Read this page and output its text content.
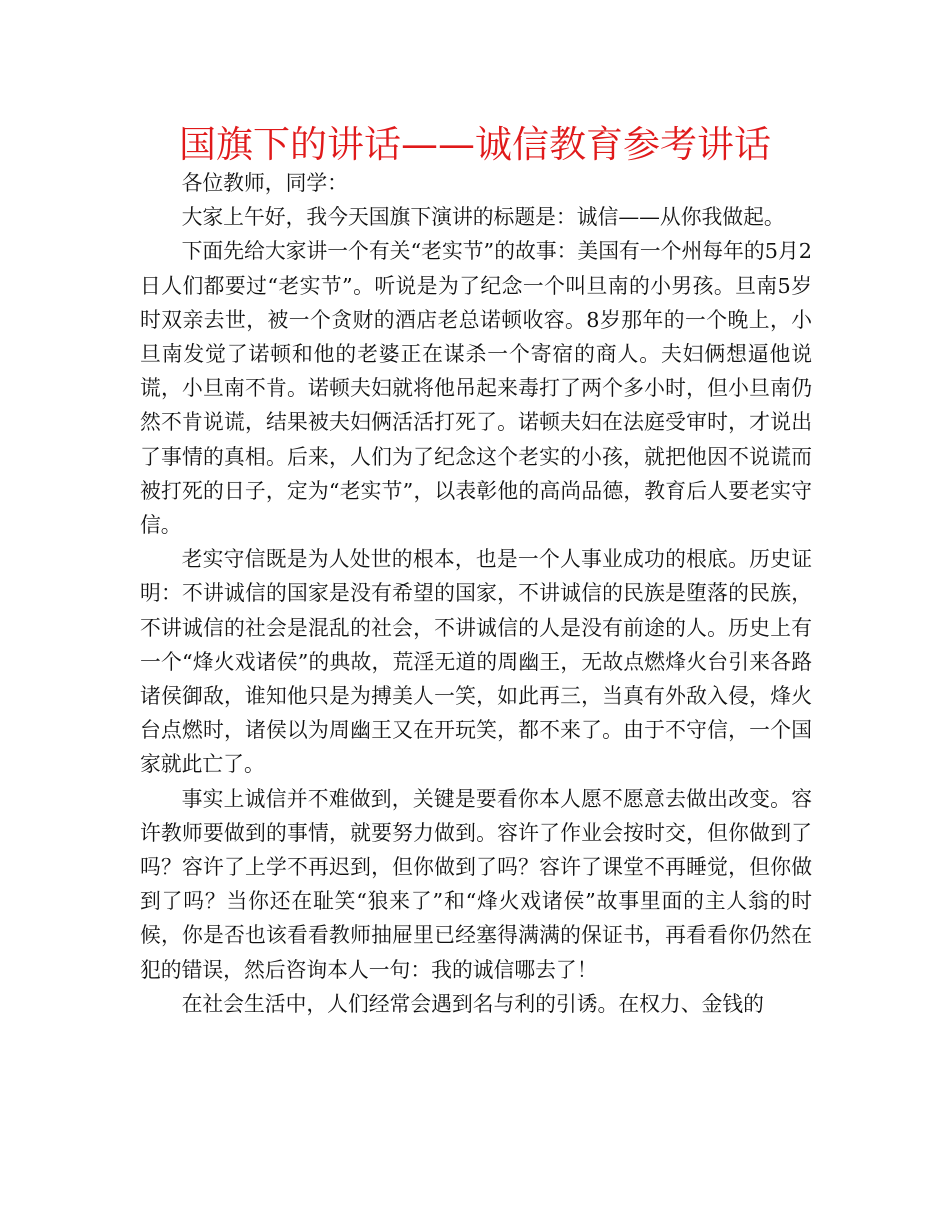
国旗下的讲话——诚信教育参考讲话

各位教师，同学：

大家上午好，我今天国旗下演讲的标题是：诚信——从你我做起。

下面先给大家讲一个有关“老实节”的故事：美国有一个州每年的5月2日人们都要过“老实节”。听说是为了纪念一个叫旦南的小男孩。旦南5岁时双亲去世，被一个贪财的酒店老总诺顿收容。8岁那年的一个晚上，小旦南发觉了诺顿和他的老婆正在谋杀一个寄宿的商人。夫妇俩想逼他说谎，小旦南不肯。诺顿夫妇就将他吊起来毒打了两个多小时，但小旦南仍然不肯说谎，结果被夫妇俩活活打死了。诺顿夫妇在法庭受审时，才说出了事情的真相。后来，人们为了纪念这个老实的小孩，就把他因不说谎而被打死的日子，定为“老实节”，以表彰他的高尚品德，教育后人要老实守信。

老实守信既是为人处世的根本，也是一个人事业成功的根底。历史证明：不讲诚信的国家是没有希望的国家，不讲诚信的民族是堕落的民族，不讲诚信的社会是混乱的社会，不讲诚信的人是没有前途的人。历史上有一个“烽火戏诸侯”的典故，荒淫无道的周幽王，无故点燃烽火台引来各路诸侯御敌，谁知他只是为搏美人一笑，如此再三，当真有外敌入侵，烽火台点燃时，诸侯以为周幽王又在开玩笑，都不来了。由于不守信，一个国家就此亡了。

事实上诚信并不难做到，关键是要看你本人愿不愿意去做出改变。容许教师要做到的事情，就要努力做到。容许了作业会按时交，但你做到了吗？容许了上学不再迟到，但你做到了吗？容许了课堂不再睡觉，但你做到了吗？当你还在耻笑“狼来了”和“烽火戏诸侯”故事里面的主人翁的时候，你是否也该看看教师抽屉里已经塞得满满的保证书，再看看你仍然在犯的错误，然后咨询本人一句：我的诚信哪去了！

在社会生活中，人们经常会遇到名与利的引诱。在权力、金钱的
